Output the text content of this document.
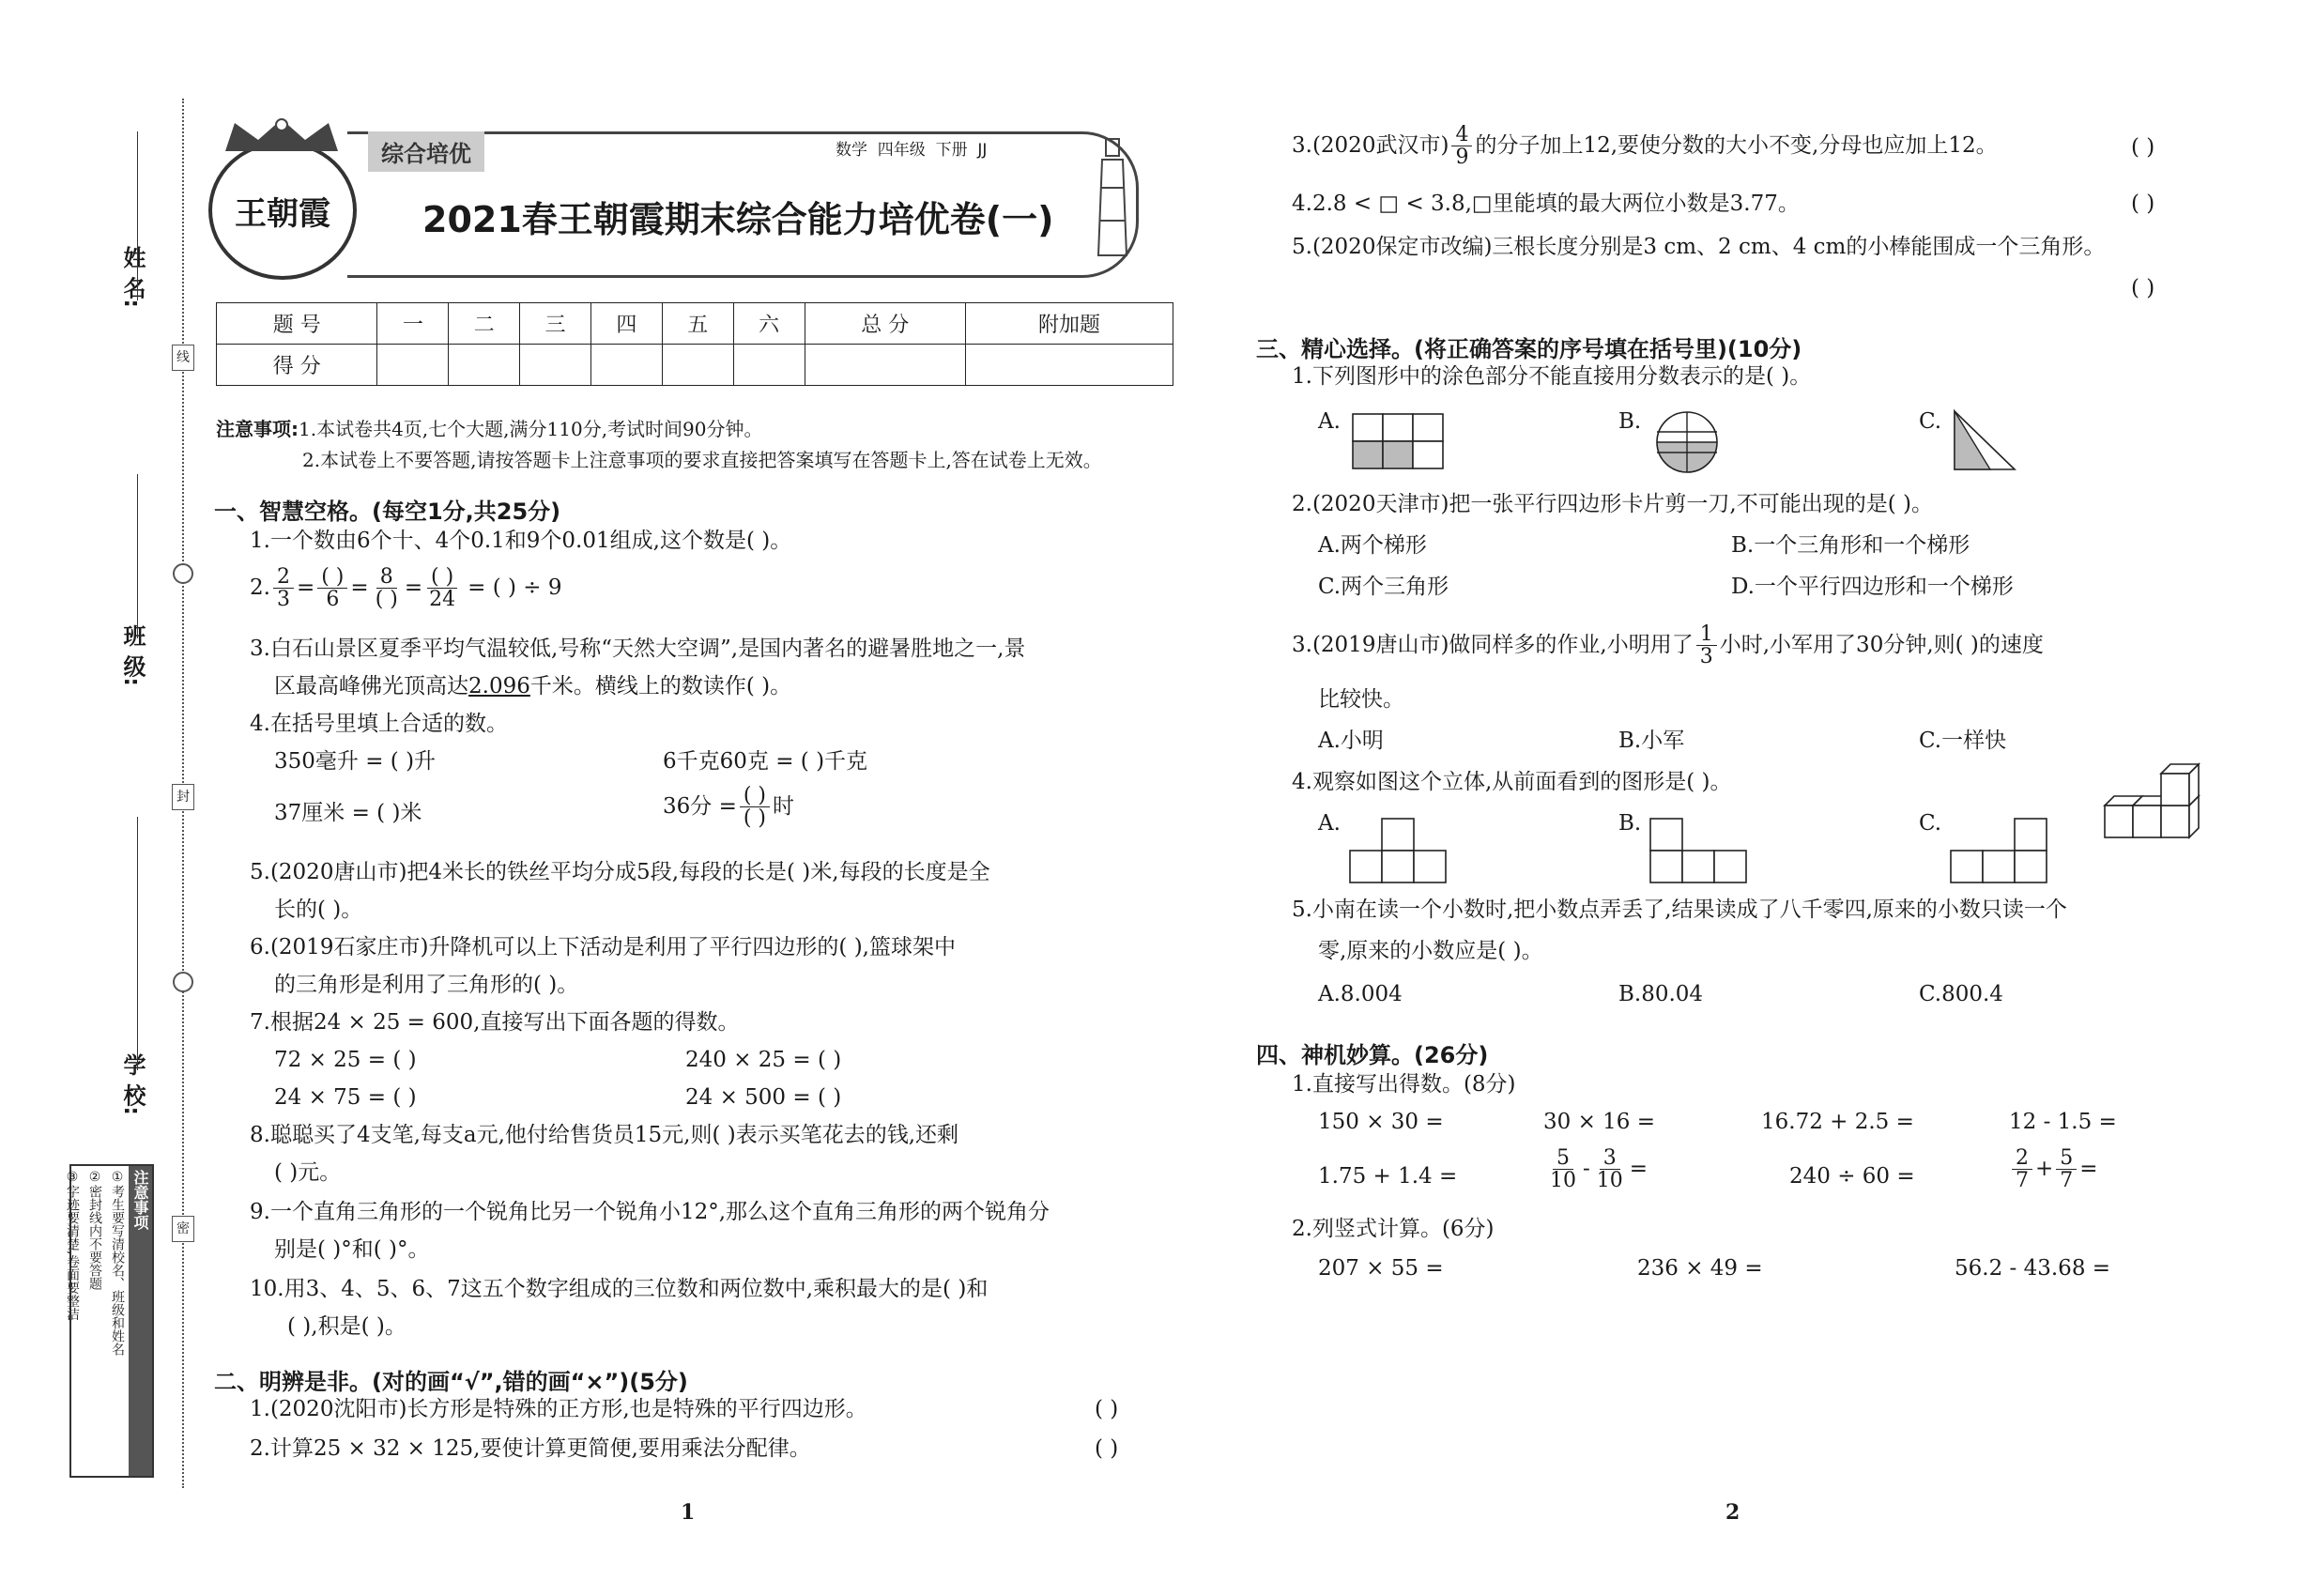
姓 名:
班 级:
学 校:
线
封
密
注意事项
①考生要写清校名、班级和姓名
②密封线内不要答题
③字迹要清楚,卷面要整洁
王朝霞
综合培优	数学  四年级  下册  JJ
2021春王朝霞期末综合能力培优卷(一)
题 号	一	二	三	四	五	六	总 分	附加题
得 分								
注意事项:1.本试卷共4页,七个大题,满分110分,考试时间90分钟。
2.本试卷上不要答题,请按答题卡上注意事项的要求直接把答案填写在答题卡上,答在试卷上无效。
一、智慧空格。(每空1分,共25分)
1.一个数由6个十、4个0.1和9个0.01组成,这个数是( )。
2. $\frac{2}{3} = \frac{( )}{6} = \frac{8}{( )} = \frac{( )}{24}$ = ( ) ÷ 9
3.白石山景区夏季平均气温较低,号称“天然大空调”,是国内著名的避暑胜地之一,景
区最高峰佛光顶高达2.096千米。横线上的数读作( )。
4.在括号里填上合适的数。
350毫升 = ( )升	6千克60克 = ( )千克
37厘米 = ( )米	36分 = $\frac{( )}{( )}$ 时
5.(2020唐山市)把4米长的铁丝平均分成5段,每段的长是( )米,每段的长度是全
长的( )。
6.(2019石家庄市)升降机可以上下活动是利用了平行四边形的( ),篮球架中
的三角形是利用了三角形的( )。
7.根据24 × 25 = 600,直接写出下面各题的得数。
72 × 25 = ( )	240 × 25 = ( )
24 × 75 = ( )	24 × 500 = ( )
8.聪聪买了4支笔,每支a元,他付给售货员15元,则( )表示买笔花去的钱,还剩
( )元。
9.一个直角三角形的一个锐角比另一个锐角小12°,那么这个直角三角形的两个锐角分
别是( )°和( )°。
10.用3、4、5、6、7这五个数字组成的三位数和两位数中,乘积最大的是( )和
( ),积是( )。
二、明辨是非。(对的画“√”,错的画“×”)(5分)
1.(2020沈阳市)长方形是特殊的正方形,也是特殊的平行四边形。	( )
2.计算25 × 32 × 125,要使计算更简便,要用乘法分配律。	( )
1
3.(2020武汉市) $\frac{4}{9}$ 的分子加上12,要使分数的大小不变,分母也应加上12。	( )
4.2.8 < □ < 3.8,□里能填的最大两位小数是3.77。	( )
5.(2020保定市改编)三根长度分别是3 cm、2 cm、4 cm的小棒能围成一个三角形。
( )
三、精心选择。(将正确答案的序号填在括号里)(10分)
1.下列图形中的涂色部分不能直接用分数表示的是( )。
A.	B.	C.
2.(2020天津市)把一张平行四边形卡片剪一刀,不可能出现的是( )。
A.两个梯形	B.一个三角形和一个梯形
C.两个三角形	D.一个平行四边形和一个梯形
3.(2019唐山市)做同样多的作业,小明用了 $\frac{1}{3}$ 小时,小军用了30分钟,则( )的速度
比较快。
A.小明	B.小军	C.一样快
4.观察如图这个立体,从前面看到的图形是( )。
A.	B.	C.
5.小南在读一个小数时,把小数点弄丢了,结果读成了八千零四,原来的小数只读一个
零,原来的小数应是( )。
A.8.004	B.80.04	C.800.4
四、神机妙算。(26分)
1.直接写出得数。(8分)
150 × 30 =	30 × 16 =	16.72 + 2.5 =	12 - 1.5 =
1.75 + 1.4 =	$\frac{5}{10} - \frac{3}{10}$ =	240 ÷ 60 =	$\frac{2}{7} + \frac{5}{7}$ =
2.列竖式计算。(6分)
207 × 55 =	236 × 49 =	56.2 - 43.68 =
2
